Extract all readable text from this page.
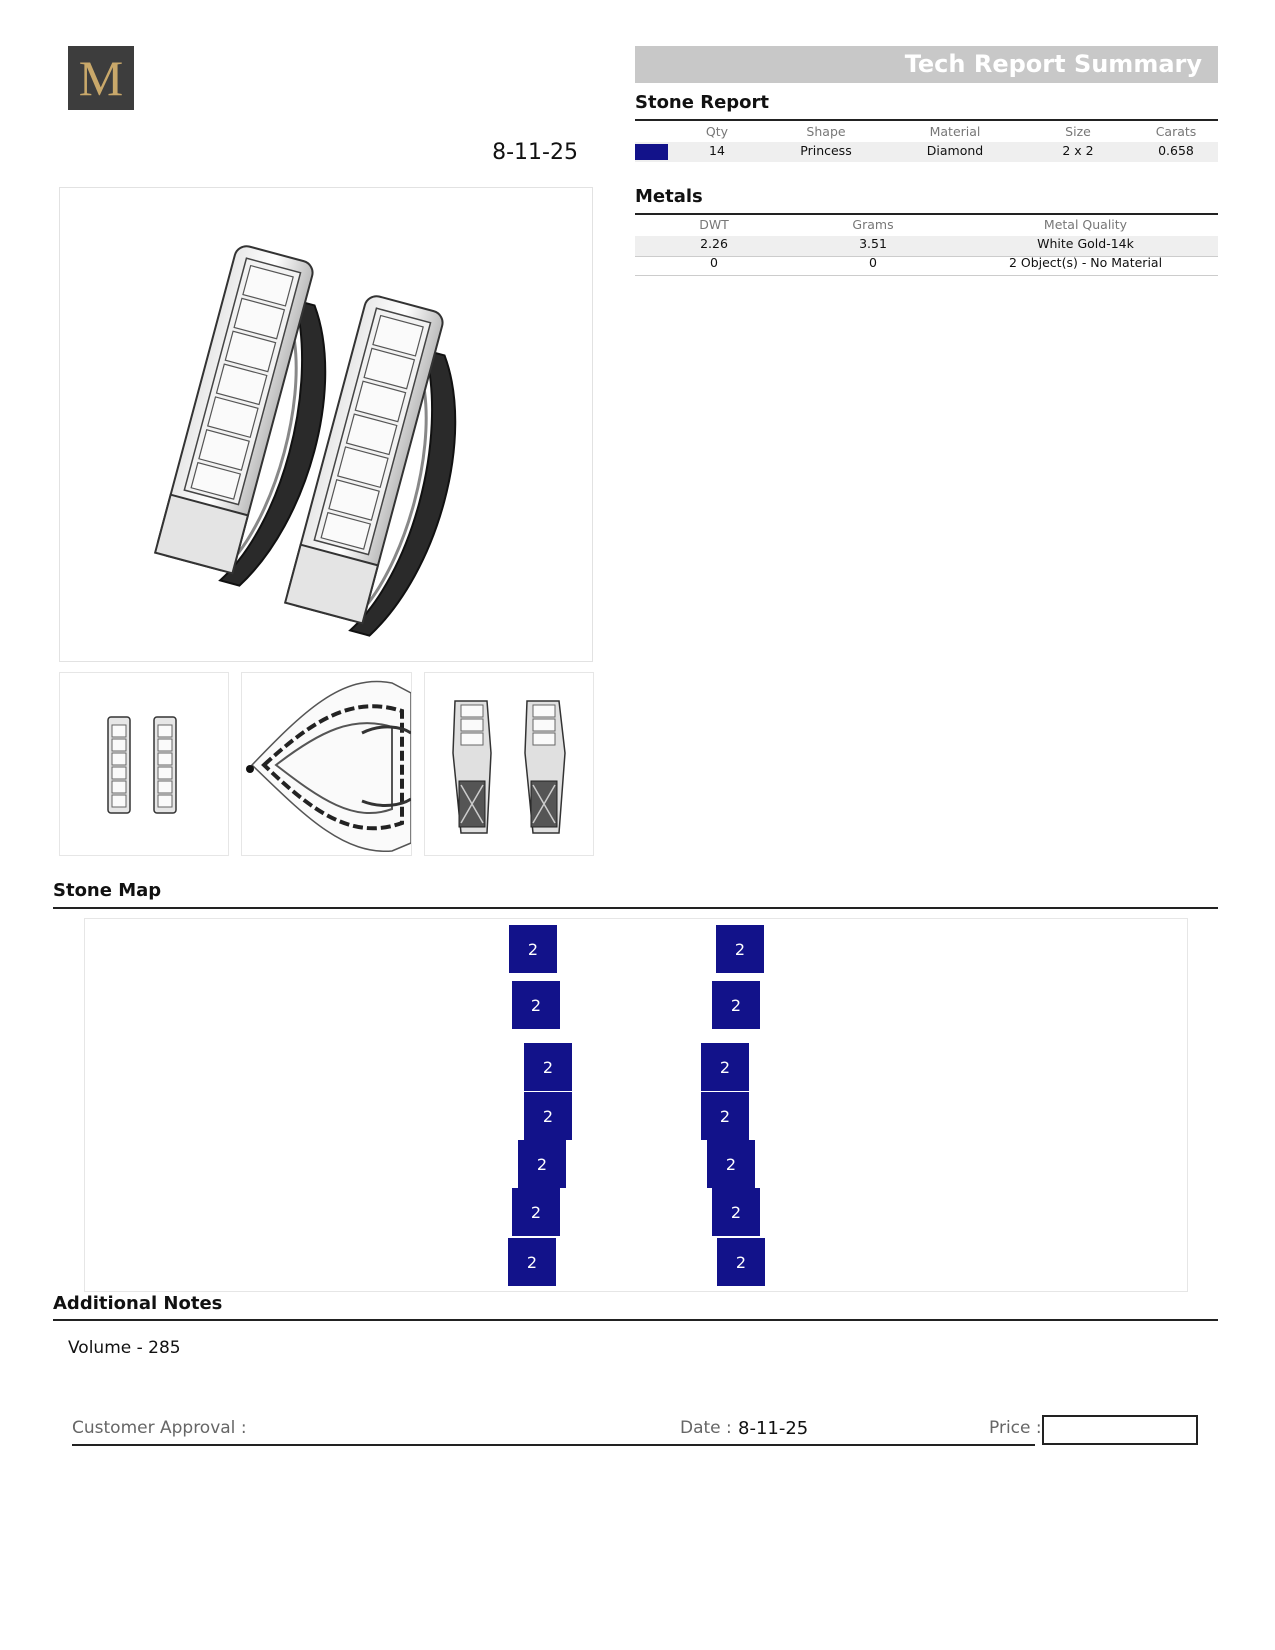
M
8-11-25
Tech Report Summary
Stone Report
Qty	Shape	Material	Size	Carats
14	Princess	Diamond	2 x 2	0.658
Metals
DWT	Grams	Metal Quality
2.26	3.51	White Gold-14k
0	0	2 Object(s) - No Material
Stone Map
2
2
2
2
2
2
2
2
2
2
2
2
2
2
Additional Notes
Volume - 285
Customer Approval :	Date : 8-11-25	Price :
